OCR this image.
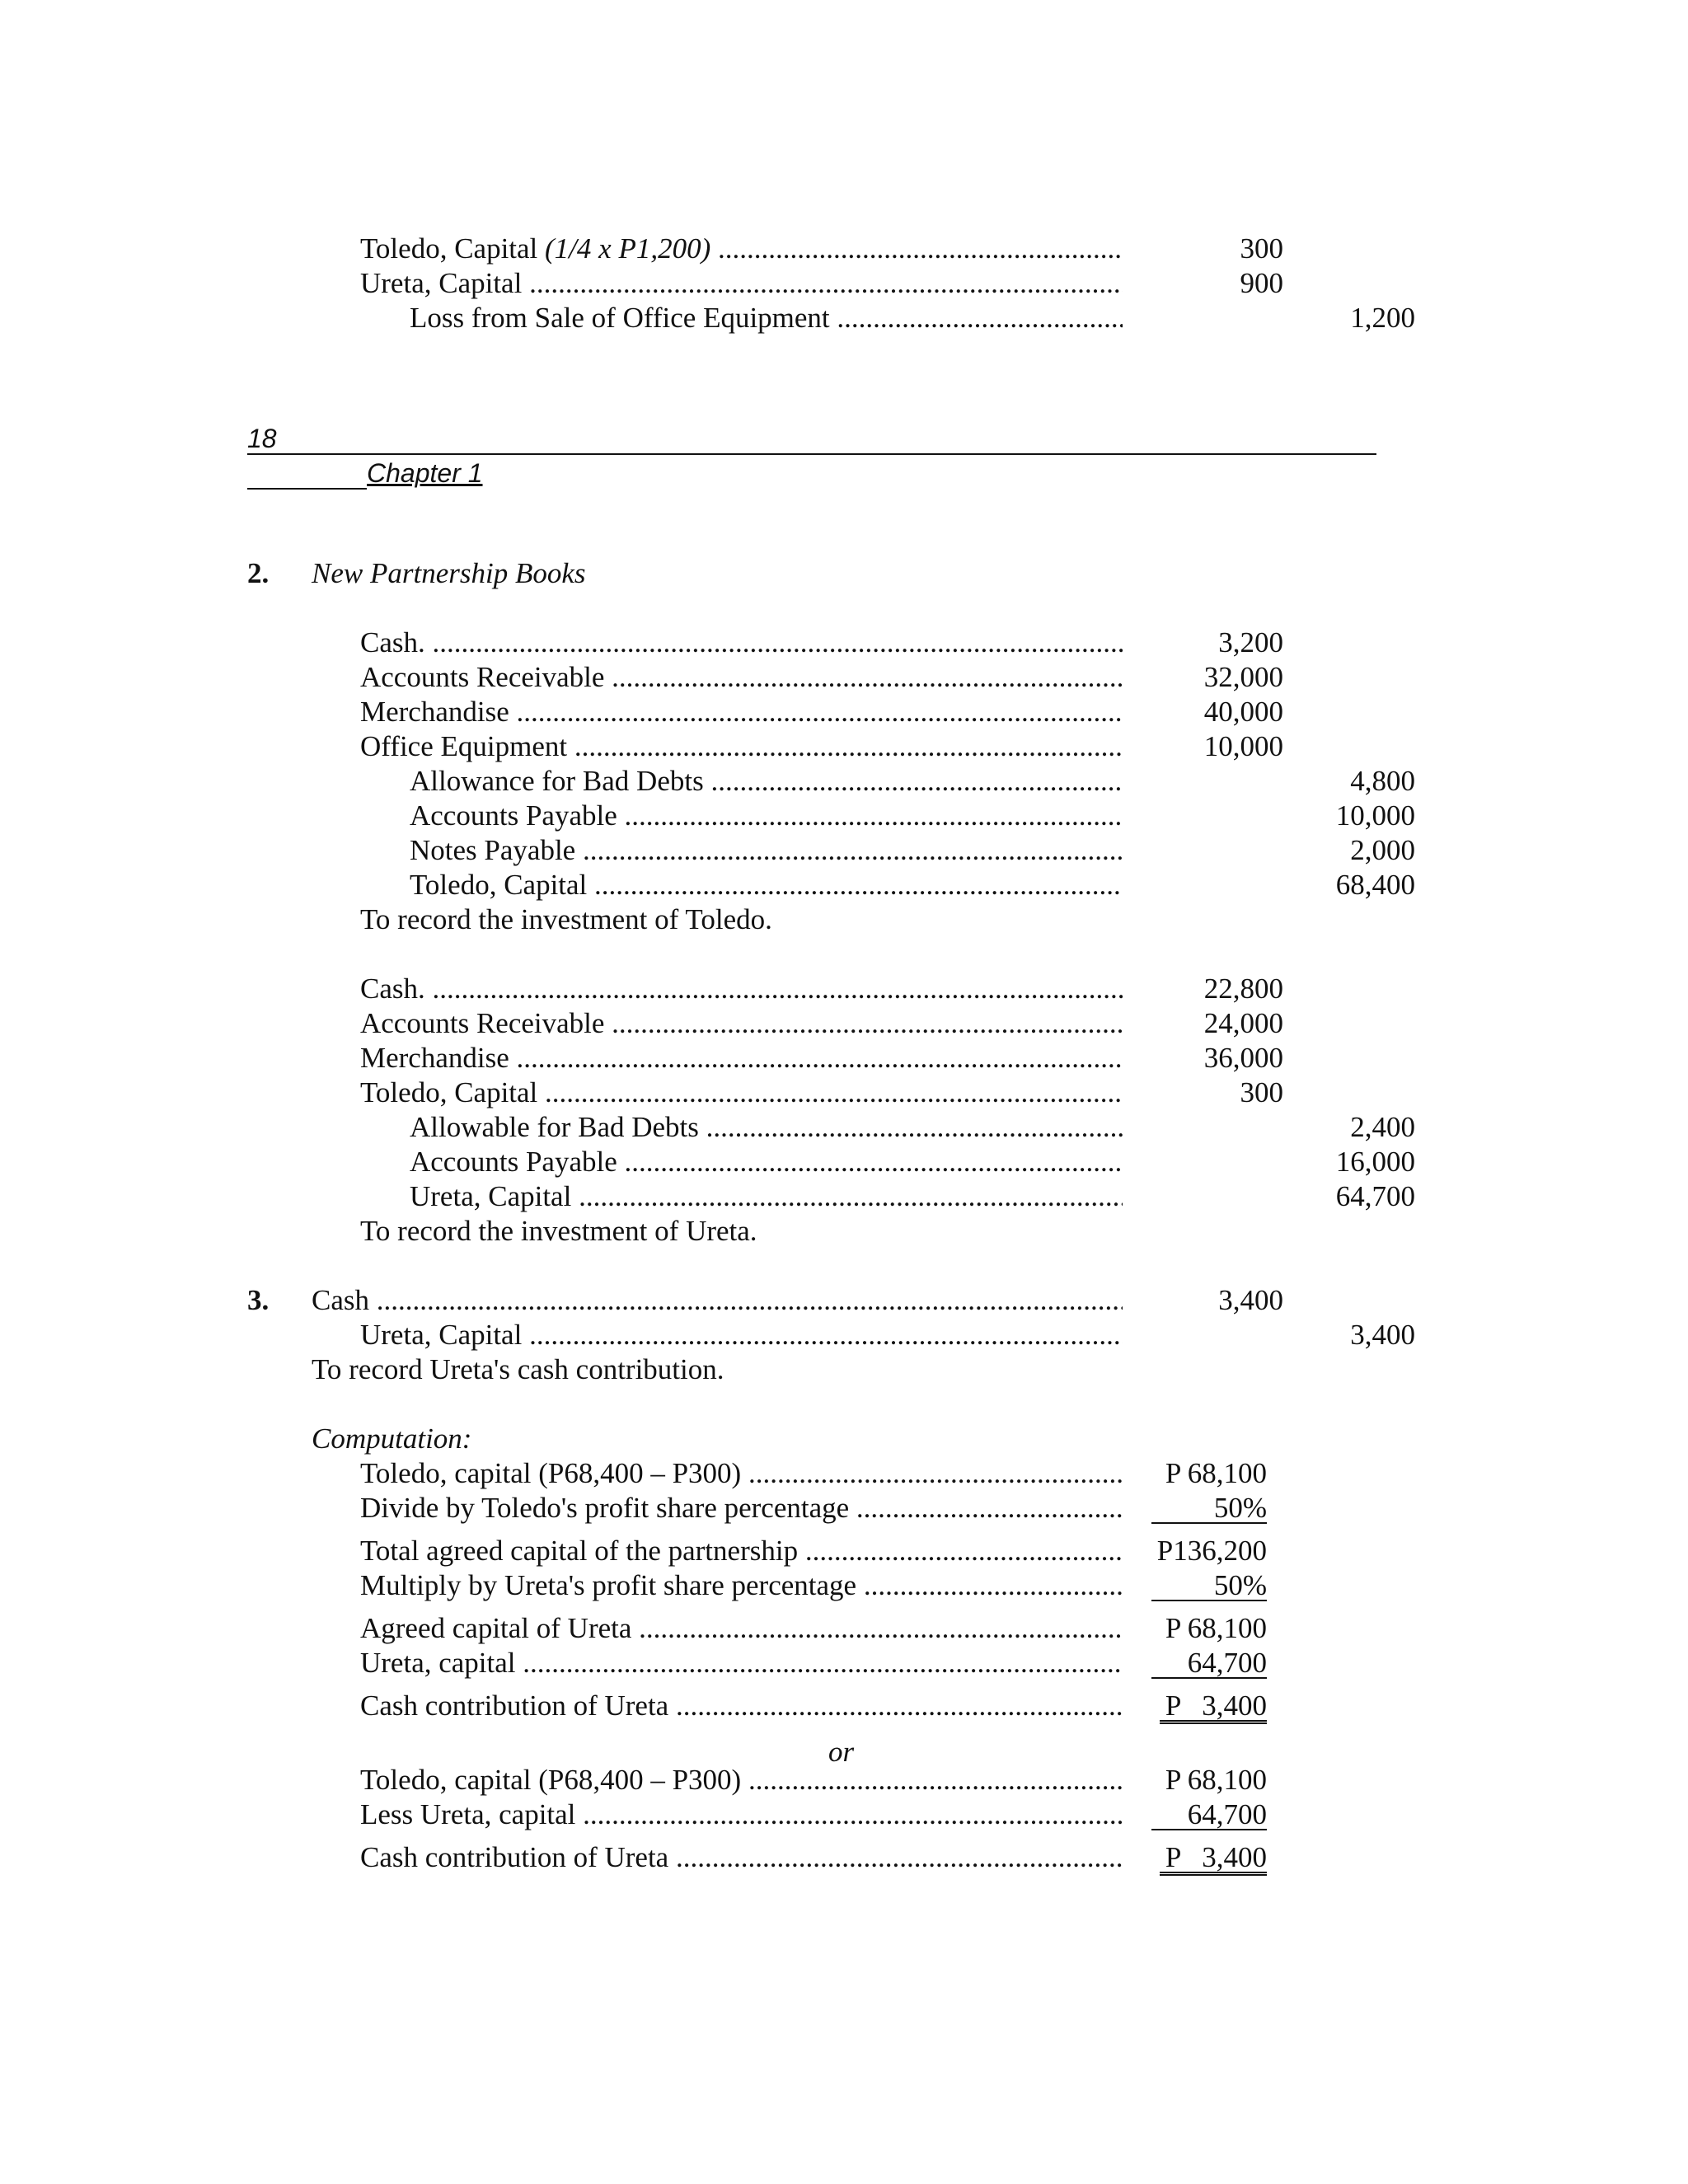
Toledo, Capital (1/4 x P1,200) .....	300
Ureta, Capital .....	900
Loss from Sale of Office Equipment .....	1,200
18
Chapter 1
2. New Partnership Books
Cash. .....	3,200
Accounts Receivable .....	32,000
Merchandise .....	40,000
Office Equipment .....	10,000
Allowance for Bad Debts .....	4,800
Accounts Payable .....	10,000
Notes Payable .....	2,000
Toledo, Capital .....	68,400
To record the investment of Toledo.
Cash. .....	22,800
Accounts Receivable .....	24,000
Merchandise .....	36,000
Toledo, Capital .....	300
Allowable for Bad Debts .....	2,400
Accounts Payable .....	16,000
Ureta, Capital .....	64,700
To record the investment of Ureta.
3. Cash .....	3,400
Ureta, Capital .....	3,400
To record Ureta's cash contribution.
Computation:
Toledo, capital (P68,400 – P300) .....	P 68,100
Divide by Toledo's profit share percentage .....	50%
Total agreed capital of the partnership .....	P136,200
Multiply by Ureta's profit share percentage .....	50%
Agreed capital of Ureta .....	P 68,100
Ureta, capital .....	64,700
Cash contribution of Ureta .....	P   3,400
or
Toledo, capital (P68,400 – P300) .....	P 68,100
Less Ureta, capital .....	64,700
Cash contribution of Ureta .....	P   3,400
